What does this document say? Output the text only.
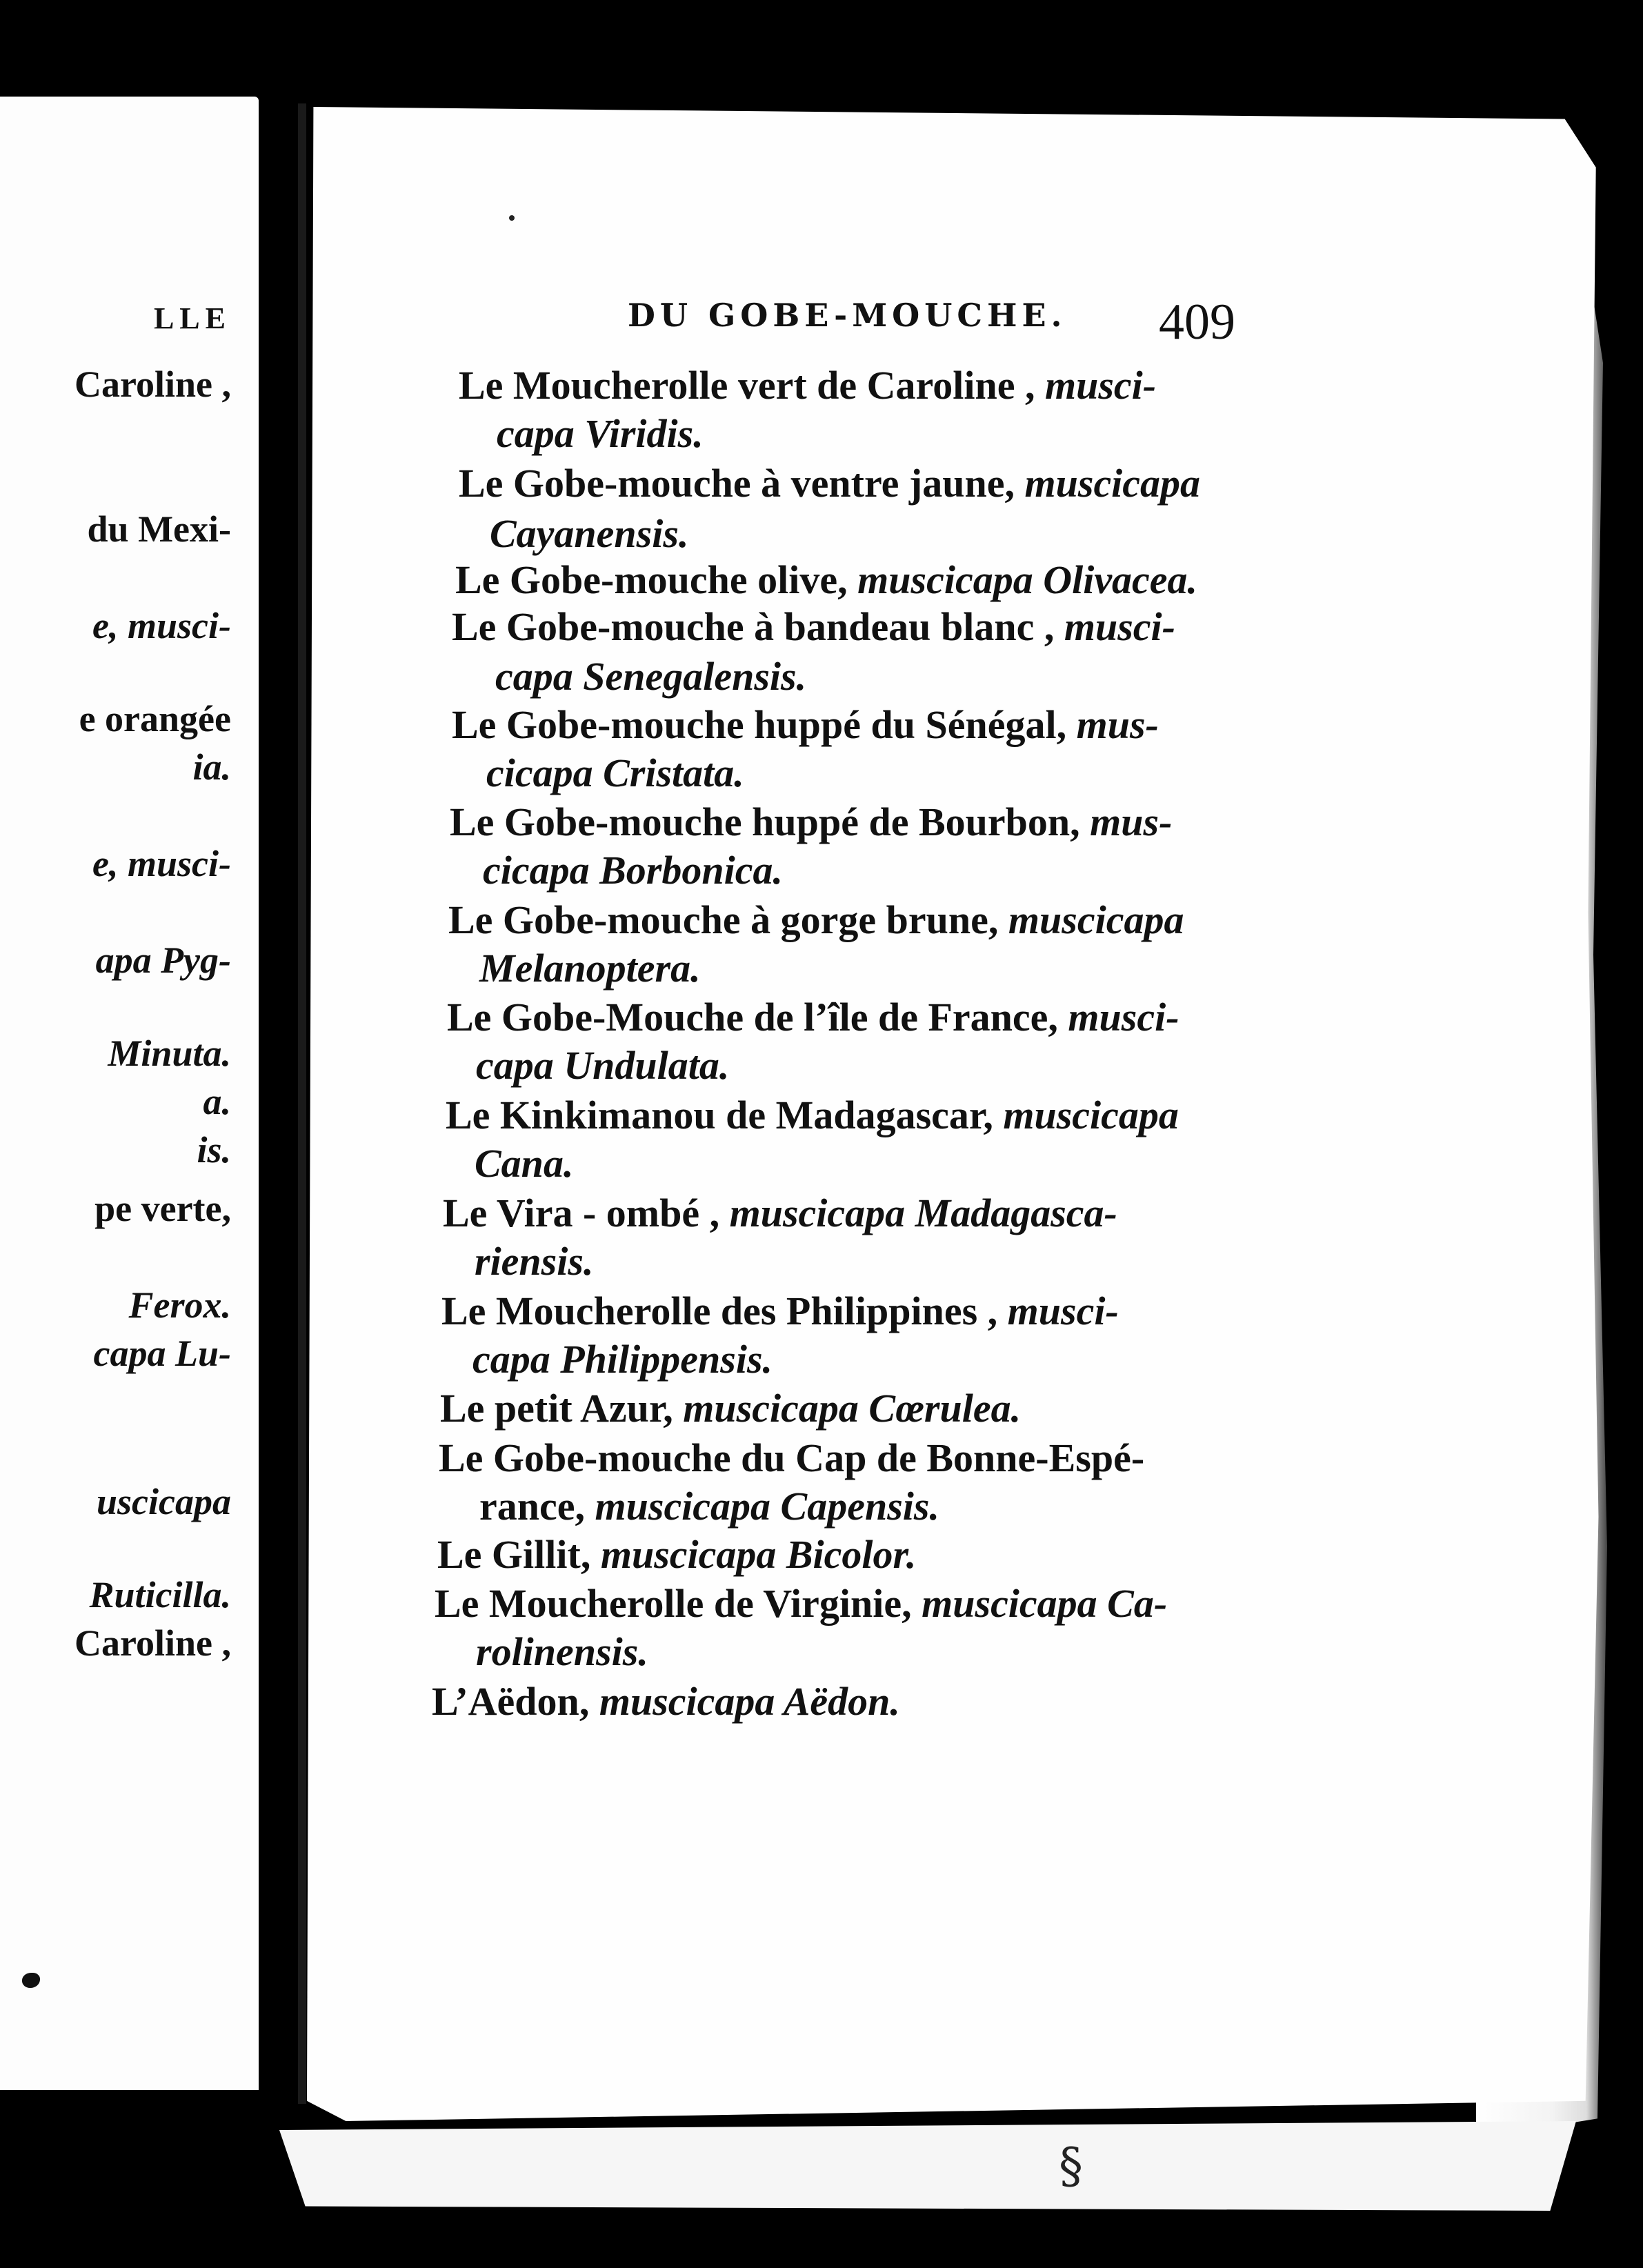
LLE
Caroline ,
du Mexi-
e, musci-
e orangée
ia.
e, musci-
apa Pyg-
Minuta.
a.
is.
pe verte,
Ferox.
capa Lu-
uscicapa
Ruticilla.
Caroline ,
§
DU GOBE-MOUCHE.	409
Le Moucherolle vert de Caroline , musci-
capa Viridis.
Le Gobe-mouche à ventre jaune, muscicapa
Cayanensis.
Le Gobe-mouche olive, muscicapa Olivacea.
Le Gobe-mouche à bandeau blanc , musci-
capa Senegalensis.
Le Gobe-mouche huppé du Sénégal, mus-
cicapa Cristata.
Le Gobe-mouche huppé de Bourbon, mus-
cicapa Borbonica.
Le Gobe-mouche à gorge brune, muscicapa
Melanoptera.
Le Gobe-Mouche de l’île de France, musci-
capa Undulata.
Le Kinkimanou de Madagascar, muscicapa
Cana.
Le Vira - ombé , muscicapa Madagasca-
riensis.
Le Moucherolle des Philippines , musci-
capa Philippensis.
Le petit Azur, muscicapa Cœrulea.
Le Gobe-mouche du Cap de Bonne-Espé-
rance, muscicapa Capensis.
Le Gillit, muscicapa Bicolor.
Le Moucherolle de Virginie, muscicapa Ca-
rolinensis.
L’Aëdon, muscicapa Aëdon.
